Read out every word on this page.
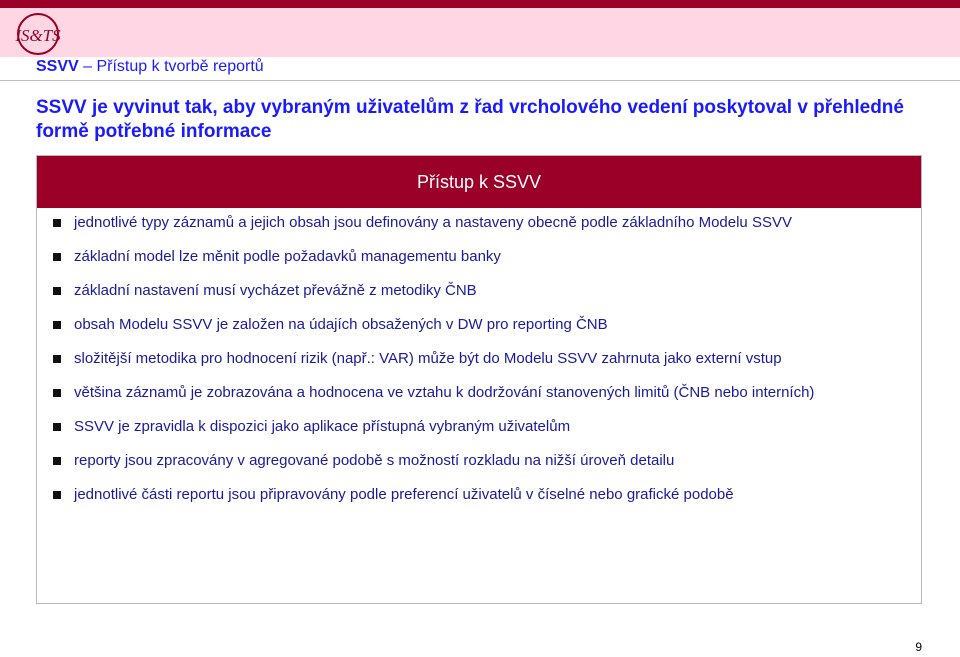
IS&TS
SSVV – Přístup k tvorbě reportů
SSVV je vyvinut tak, aby vybraným uživatelům z řad vrcholového vedení poskytoval v přehledné formě potřebné informace
Přístup k SSVV
jednotlivé typy záznamů a jejich obsah jsou definovány a nastaveny obecně podle základního Modelu SSVV
základní model lze měnit podle požadavků managementu banky
základní nastavení musí vycházet převážně z metodiky ČNB
obsah Modelu SSVV je založen na údajích obsažených v DW pro reporting ČNB
složitější metodika pro hodnocení rizik (např.: VAR) může být do Modelu SSVV zahrnuta jako externí vstup
většina záznamů je zobrazována a hodnocena ve vztahu k dodržování stanovených limitů (ČNB nebo interních)
SSVV je zpravidla k dispozici jako aplikace přístupná vybraným uživatelům
reporty jsou zpracovány v agregované podobě s možností rozkladu na nižší úroveň detailu
jednotlivé části reportu jsou připravovány podle preferencí uživatelů v číselné nebo grafické podobě
9
